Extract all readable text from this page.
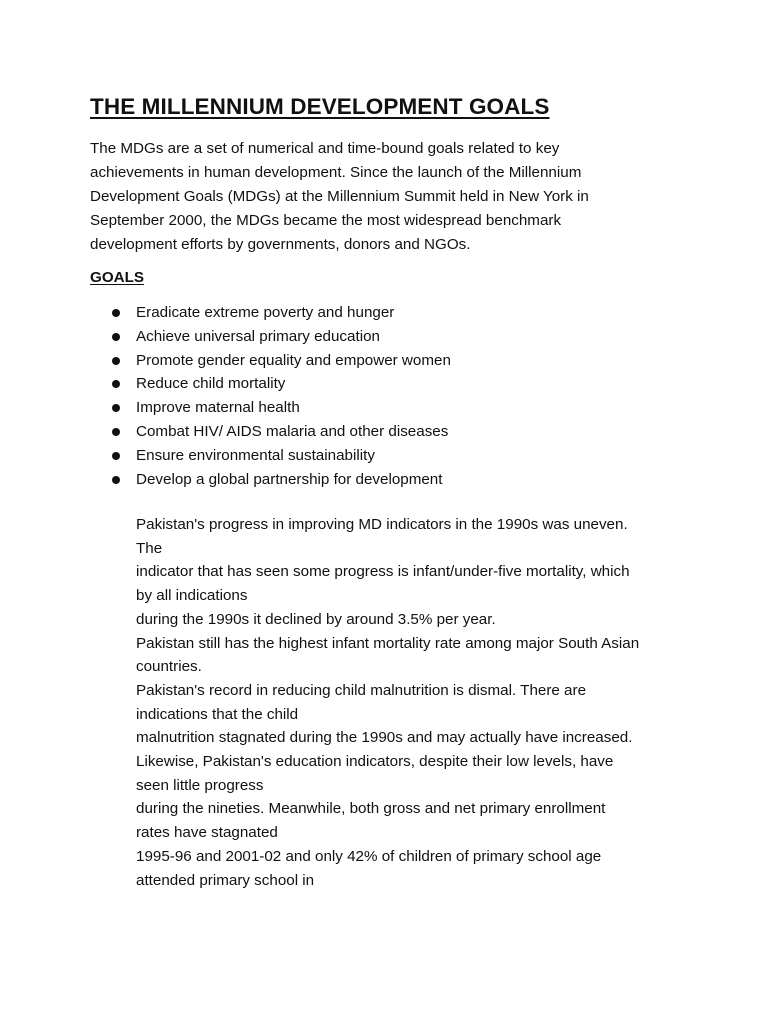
THE MILLENNIUM DEVELOPMENT GOALS

The MDGs are a set of numerical and time-bound goals related to key
achievements in human development. Since the launch of the Millennium
Development Goals (MDGs) at the Millennium Summit held in New York in
September 2000, the MDGs became the most widespread benchmark
development efforts by governments, donors and NGOs.

GOALS
Eradicate extreme poverty and hunger
Achieve universal primary education
Promote gender equality and empower women
Reduce child mortality
Improve maternal health
Combat HIV/ AIDS malaria and other diseases
Ensure environmental sustainability
Develop a global partnership for development

Pakistan's progress in improving MD indicators in the 1990s was uneven.
The
indicator that has seen some progress is infant/under-five mortality, which
by all indications
during the 1990s it declined by around 3.5% per year.
Pakistan still has the highest infant mortality rate among major South Asian
countries.
Pakistan's record in reducing child malnutrition is dismal. There are
indications that the child
malnutrition stagnated during the 1990s and may actually have increased.
Likewise, Pakistan's education indicators, despite their low levels, have
seen little progress
during the nineties. Meanwhile, both gross and net primary enrollment
rates have stagnated
1995-96 and 2001-02 and only 42% of children of primary school age
attended primary school in
